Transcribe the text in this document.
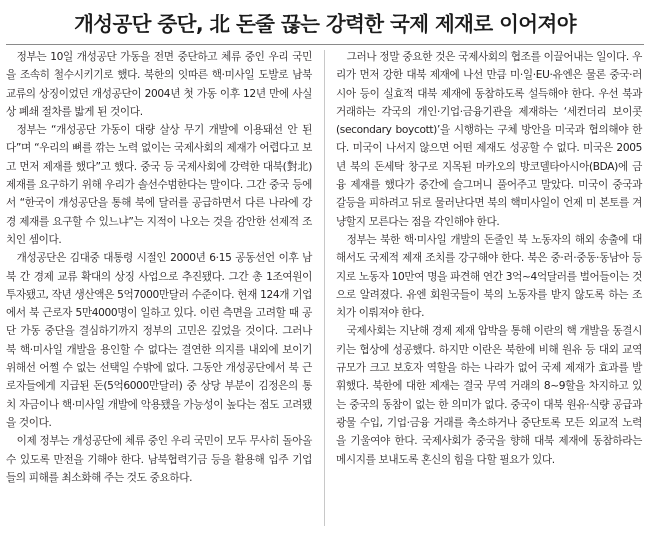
개성공단 중단, 北 돈줄 끊는 강력한 국제 제재로 이어져야

정부는 10일 개성공단 가동을 전면 중단하고 체류 중인 우리 국민을 조속히 철수시키기로 했다. 북한의 잇따른 핵·미사일 도발로 남북 교류의 상징이었던 개성공단이 2004년 첫 가동 이후 12년 만에 사실상 폐쇄 절차를 밟게 된 것이다.

정부는 “개성공단 가동이 대량 살상 무기 개발에 이용돼선 안 된다”며 “우리의 뼈를 깎는 노력 없이는 국제사회의 제재가 어렵다고 보고 먼저 제재를 했다”고 했다. 중국 등 국제사회에 강력한 대북(對北) 제재를 요구하기 위해 우리가 솔선수범한다는 말이다. 그간 중국 등에서 “한국이 개성공단을 통해 북에 달러를 공급하면서 다른 나라에 강경 제재를 요구할 수 있느냐”는 지적이 나오는 것을 감안한 선제적 조치인 셈이다.

개성공단은 김대중 대통령 시절인 2000년 6·15 공동선언 이후 남북 간 경제 교류 확대의 상징 사업으로 추진됐다. 그간 총 1조여원이 투자됐고, 작년 생산액은 5억7000만달러 수준이다. 현재 124개 기업에서 북 근로자 5만4000명이 일하고 있다. 이런 측면을 고려할 때 공단 가동 중단을 결심하기까지 정부의 고민은 깊었을 것이다. 그러나 북 핵·미사일 개발을 용인할 수 없다는 결연한 의지를 내외에 보이기 위해선 어쩔 수 없는 선택일 수밖에 없다. 그동안 개성공단에서 북 근로자들에게 지급된 돈(5억6000만달러) 중 상당 부분이 김정은의 통치 자금이나 핵·미사일 개발에 악용됐을 가능성이 높다는 점도 고려됐을 것이다.

이제 정부는 개성공단에 체류 중인 우리 국민이 모두 무사히 돌아올 수 있도록 만전을 기해야 한다. 남북협력기금 등을 활용해 입주 기업들의 피해를 최소화해 주는 것도 중요하다.

그러나 정말 중요한 것은 국제사회의 협조를 이끌어내는 일이다. 우리가 먼저 강한 대북 제재에 나선 만큼 미·일·EU·유엔은 물론 중국·러시아 등이 실효적 대북 제재에 동참하도록 설득해야 한다. 우선 북과 거래하는 각국의 개인·기업·금융기관을 제재하는 ‘세컨더리 보이콧(secondary boycott)’을 시행하는 구체 방안을 미국과 협의해야 한다. 미국이 나서지 않으면 어떤 제재도 성공할 수 없다. 미국은 2005년 북의 돈세탁 창구로 지목된 마카오의 방코델타아시아(BDA)에 금융 제재를 했다가 중간에 슬그머니 풀어주고 말았다. 미국이 중국과 갈등을 피하려고 뒤로 물러난다면 북의 핵미사일이 언제 미 본토를 겨냥할지 모른다는 점을 각인해야 한다.

정부는 북한 핵·미사일 개발의 돈줄인 북 노동자의 해외 송출에 대해서도 국제적 제재 조치를 강구해야 한다. 북은 중·러·중동·동남아 등지로 노동자 10만여 명을 파견해 연간 3억~4억달러를 벌어들이는 것으로 알려졌다. 유엔 회원국들이 북의 노동자를 받지 않도록 하는 조치가 이뤄져야 한다.

국제사회는 지난해 경제 제재 압박을 통해 이란의 핵 개발을 동결시키는 협상에 성공했다. 하지만 이란은 북한에 비해 원유 등 대외 교역 규모가 크고 보호자 역할을 하는 나라가 없어 국제 제재가 효과를 발휘했다. 북한에 대한 제재는 결국 무역 거래의 8~9할을 차지하고 있는 중국의 동참이 없는 한 의미가 없다. 중국이 대북 원유·식량 공급과 광물 수입, 기업·금융 거래를 축소하거나 중단토록 모든 외교적 노력을 기울여야 한다. 국제사회가 중국을 향해 대북 제재에 동참하라는 메시지를 보내도록 혼신의 힘을 다할 필요가 있다.
